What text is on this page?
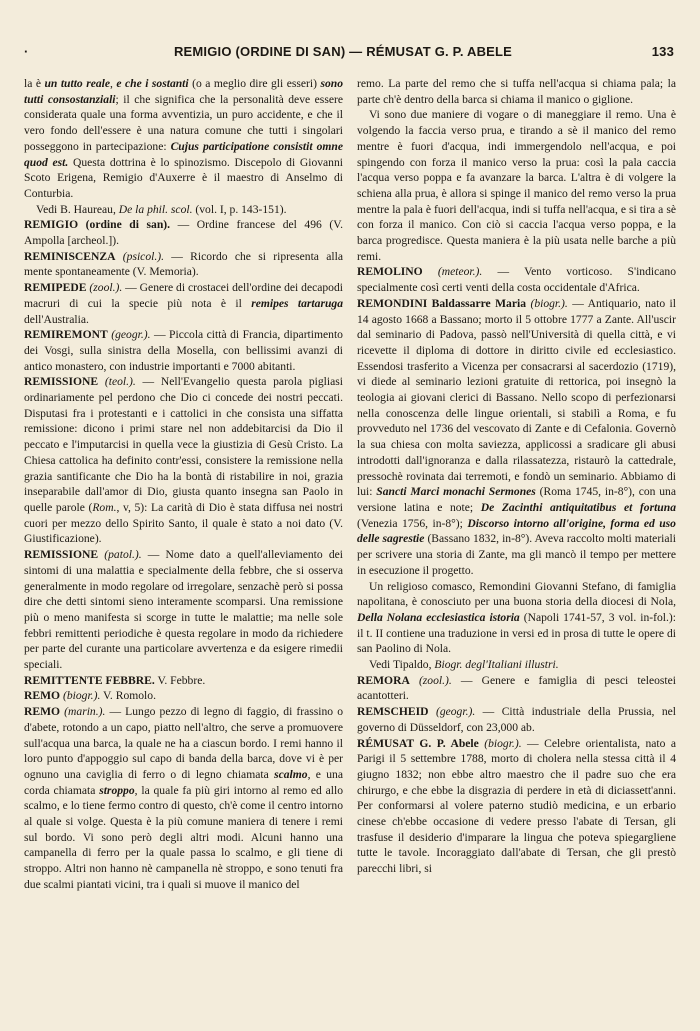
·	REMIGIO (ORDINE DI SAN) — RÉMUSAT G. P. ABELE	133

la è un tutto reale, e che i sostanti (o a meglio dire gli esseri) sono tutti consostanziali; il che significa che la personalità deve essere considerata quale una forma avventizia, un puro accidente, e che il vero fondo dell'essere è una natura comune che tutti i singolari posseggono in partecipazione: Cujus participatione consistit omne quod est. Questa dottrina è lo spinozismo. Discepolo di Giovanni Scoto Erigena, Remigio d'Auxerre è il maestro di Anselmo di Conturbia.

Vedi B. Haureau, De la phil. scol. (vol. I, p. 143-151).

REMIGIO (ordine di san). — Ordine francese del 496 (V. Ampolla [archeol.]).

REMINISCENZA (psicol.). — Ricordo che si ripresenta alla mente spontaneamente (V. Memoria).

REMIPEDE (zool.). — Genere di crostacei dell'ordine dei decapodi macruri di cui la specie più nota è il remipes tartaruga dell'Australia.

REMIREMONT (geogr.). — Piccola città di Francia, dipartimento dei Vosgi, sulla sinistra della Mosella, con bellissimi avanzi di antico monastero, con industrie importanti e 7000 abitanti.

REMISSIONE (teol.). — Nell'Evangelio questa parola pigliasi ordinariamente pel perdono che Dio ci concede dei nostri peccati. Disputasi fra i protestanti e i cattolici in che consista una siffatta remissione: dicono i primi stare nel non addebitarcisi da Dio il peccato e l'imputarcisi in quella vece la giustizia di Gesù Cristo. La Chiesa cattolica ha definito contr'essi, consistere la remissione nella grazia santificante che Dio ha la bontà di ristabilire in noi, grazia inseparabile dall'amor di Dio, giusta quanto insegna san Paolo in quelle parole (Rom., v, 5): La carità di Dio è stata diffusa nei nostri cuori per mezzo dello Spirito Santo, il quale è stato a noi dato (V. Giustificazione).

REMISSIONE (patol.). — Nome dato a quell'alleviamento dei sintomi di una malattia e specialmente della febbre, che si osserva generalmente in modo regolare od irregolare, senzachè però si possa dire che detti sintomi sieno interamente scomparsi. Una remissione più o meno manifesta si scorge in tutte le malattie; ma nelle sole febbri remittenti periodiche è questa regolare in modo da richiedere per parte del curante una particolare avvertenza e da esigere rimedii speciali.

REMITTENTE FEBBRE. V. Febbre.

REMO (biogr.). V. Romolo.

REMO (marin.). — Lungo pezzo di legno di faggio, di frassino o d'abete, rotondo a un capo, piatto nell'altro, che serve a promuovere sull'acqua una barca, la quale ne ha a ciascun bordo. I remi hanno il loro punto d'appoggio sul capo di banda della barca, dove vi è per ognuno una caviglia di ferro o di legno chiamata scalmo, e una corda chiamata stroppo, la quale fa più giri intorno al remo ed allo scalmo, e lo tiene fermo contro di questo, ch'è come il centro intorno al quale si volge. Questa è la più comune maniera di tenere i remi sul bordo. Vi sono però degli altri modi. Alcuni hanno una campanella di ferro per la quale passa lo scalmo, e gli tiene di stroppo. Altri non hanno nè campanella nè stroppo, e sono tenuti fra due scalmi piantati vicini, tra i quali si muove il manico del

remo. La parte del remo che si tuffa nell'acqua si chiama pala; la parte ch'è dentro della barca si chiama il manico o giglione.

Vi sono due maniere di vogare o di maneggiare il remo. Una è volgendo la faccia verso prua, e tirando a sè il manico del remo mentre è fuori d'acqua, indi immergendolo nell'acqua, e poi spingendo con forza il manico verso la prua: così la pala caccia l'acqua verso poppa e fa avanzare la barca. L'altra è di volgere la schiena alla prua, è allora si spinge il manico del remo verso la prua mentre la pala è fuori dell'acqua, indi si tuffa nell'acqua, e si tira a sè con forza il manico. Con ciò si caccia l'acqua verso poppa, e la barca progredisce. Questa maniera è la più usata nelle barche a più remi.

REMOLINO (meteor.). — Vento vorticoso. S'indicano specialmente così certi venti della costa occidentale d'Africa.

REMONDINI Baldassarre Maria (biogr.). — Antiquario, nato il 14 agosto 1668 a Bassano; morto il 5 ottobre 1777 a Zante. All'uscir dal seminario di Padova, passò nell'Università di quella città, e vi ricevette il diploma di dottore in diritto civile ed ecclesiastico. Essendosi trasferito a Vicenza per consacrarsi al sacerdozio (1719), vi diede al seminario lezioni gratuite di rettorica, poi insegnò la teologia ai giovani clerici di Bassano. Nello scopo di perfezionarsi nella conoscenza delle lingue orientali, si stabilì a Roma, e fu provveduto nel 1736 del vescovato di Zante e di Cefalonia. Governò la sua chiesa con molta saviezza, applicossi a sradicare gli abusi introdotti dall'ignoranza e dalla rilassatezza, ristaurò la cattedrale, pressochè rovinata dai terremoti, e fondò un seminario. Abbiamo di lui: Sancti Marci monachi Sermones (Roma 1745, in-8°), con una versione latina e note; De Zacinthi antiquitatibus et fortuna (Venezia 1756, in-8°); Discorso intorno all'origine, forma ed uso delle sagrestie (Bassano 1832, in-8°). Aveva raccolto molti materiali per scrivere una storia di Zante, ma gli mancò il tempo per mettere in esecuzione il progetto.

Un religioso comasco, Remondini Giovanni Stefano, di famiglia napolitana, è conosciuto per una buona storia della diocesi di Nola, Della Nolana ecclesiastica istoria (Napoli 1741-57, 3 vol. in-fol.): il t. II contiene una traduzione in versi ed in prosa di tutte le opere di san Paolino di Nola.

Vedi Tipaldo, Biogr. degl'Italiani illustri.

REMORA (zool.). — Genere e famiglia di pesci teleostei acantotteri.

REMSCHEID (geogr.). — Città industriale della Prussia, nel governo di Düsseldorf, con 23,000 ab.

RÉMUSAT G. P. Abele (biogr.). — Celebre orientalista, nato a Parigi il 5 settembre 1788, morto di cholera nella stessa città il 4 giugno 1832; non ebbe altro maestro che il padre suo che era chirurgo, e che ebbe la disgrazia di perdere in età di diciassett'anni. Per conformarsi al volere paterno studiò medicina, e un erbario cinese ch'ebbe occasione di vedere presso l'abate di Tersan, gli trasfuse il desiderio d'imparare la lingua che poteva spiegargliene tutte le tavole. Incoraggiato dall'abate di Tersan, che gli prestò parecchi libri, si
